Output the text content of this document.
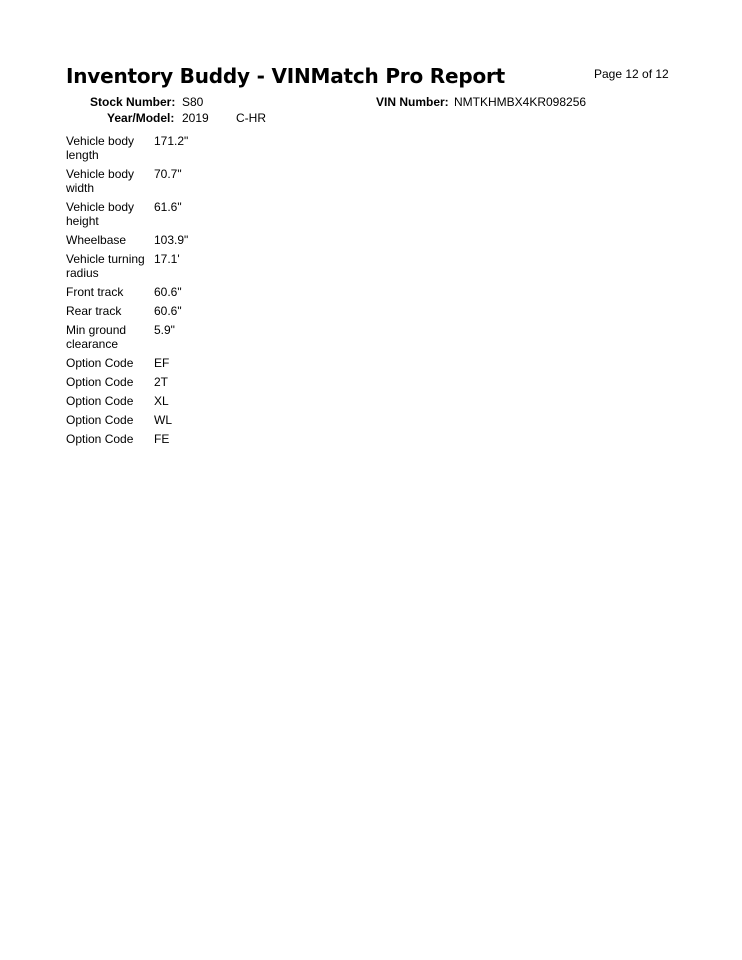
Inventory Buddy - VINMatch Pro Report	Page 12 of 12
Stock Number: S80
Year/Model: 2019 C-HR
VIN Number: NMTKHMBX4KR098256
Vehicle body length	171.2"
Vehicle body width	70.7"
Vehicle body height	61.6"
Wheelbase	103.9"
Vehicle turning radius	17.1'
Front track	60.6"
Rear track	60.6"
Min ground clearance	5.9"
Option Code	EF
Option Code	2T
Option Code	XL
Option Code	WL
Option Code	FE
